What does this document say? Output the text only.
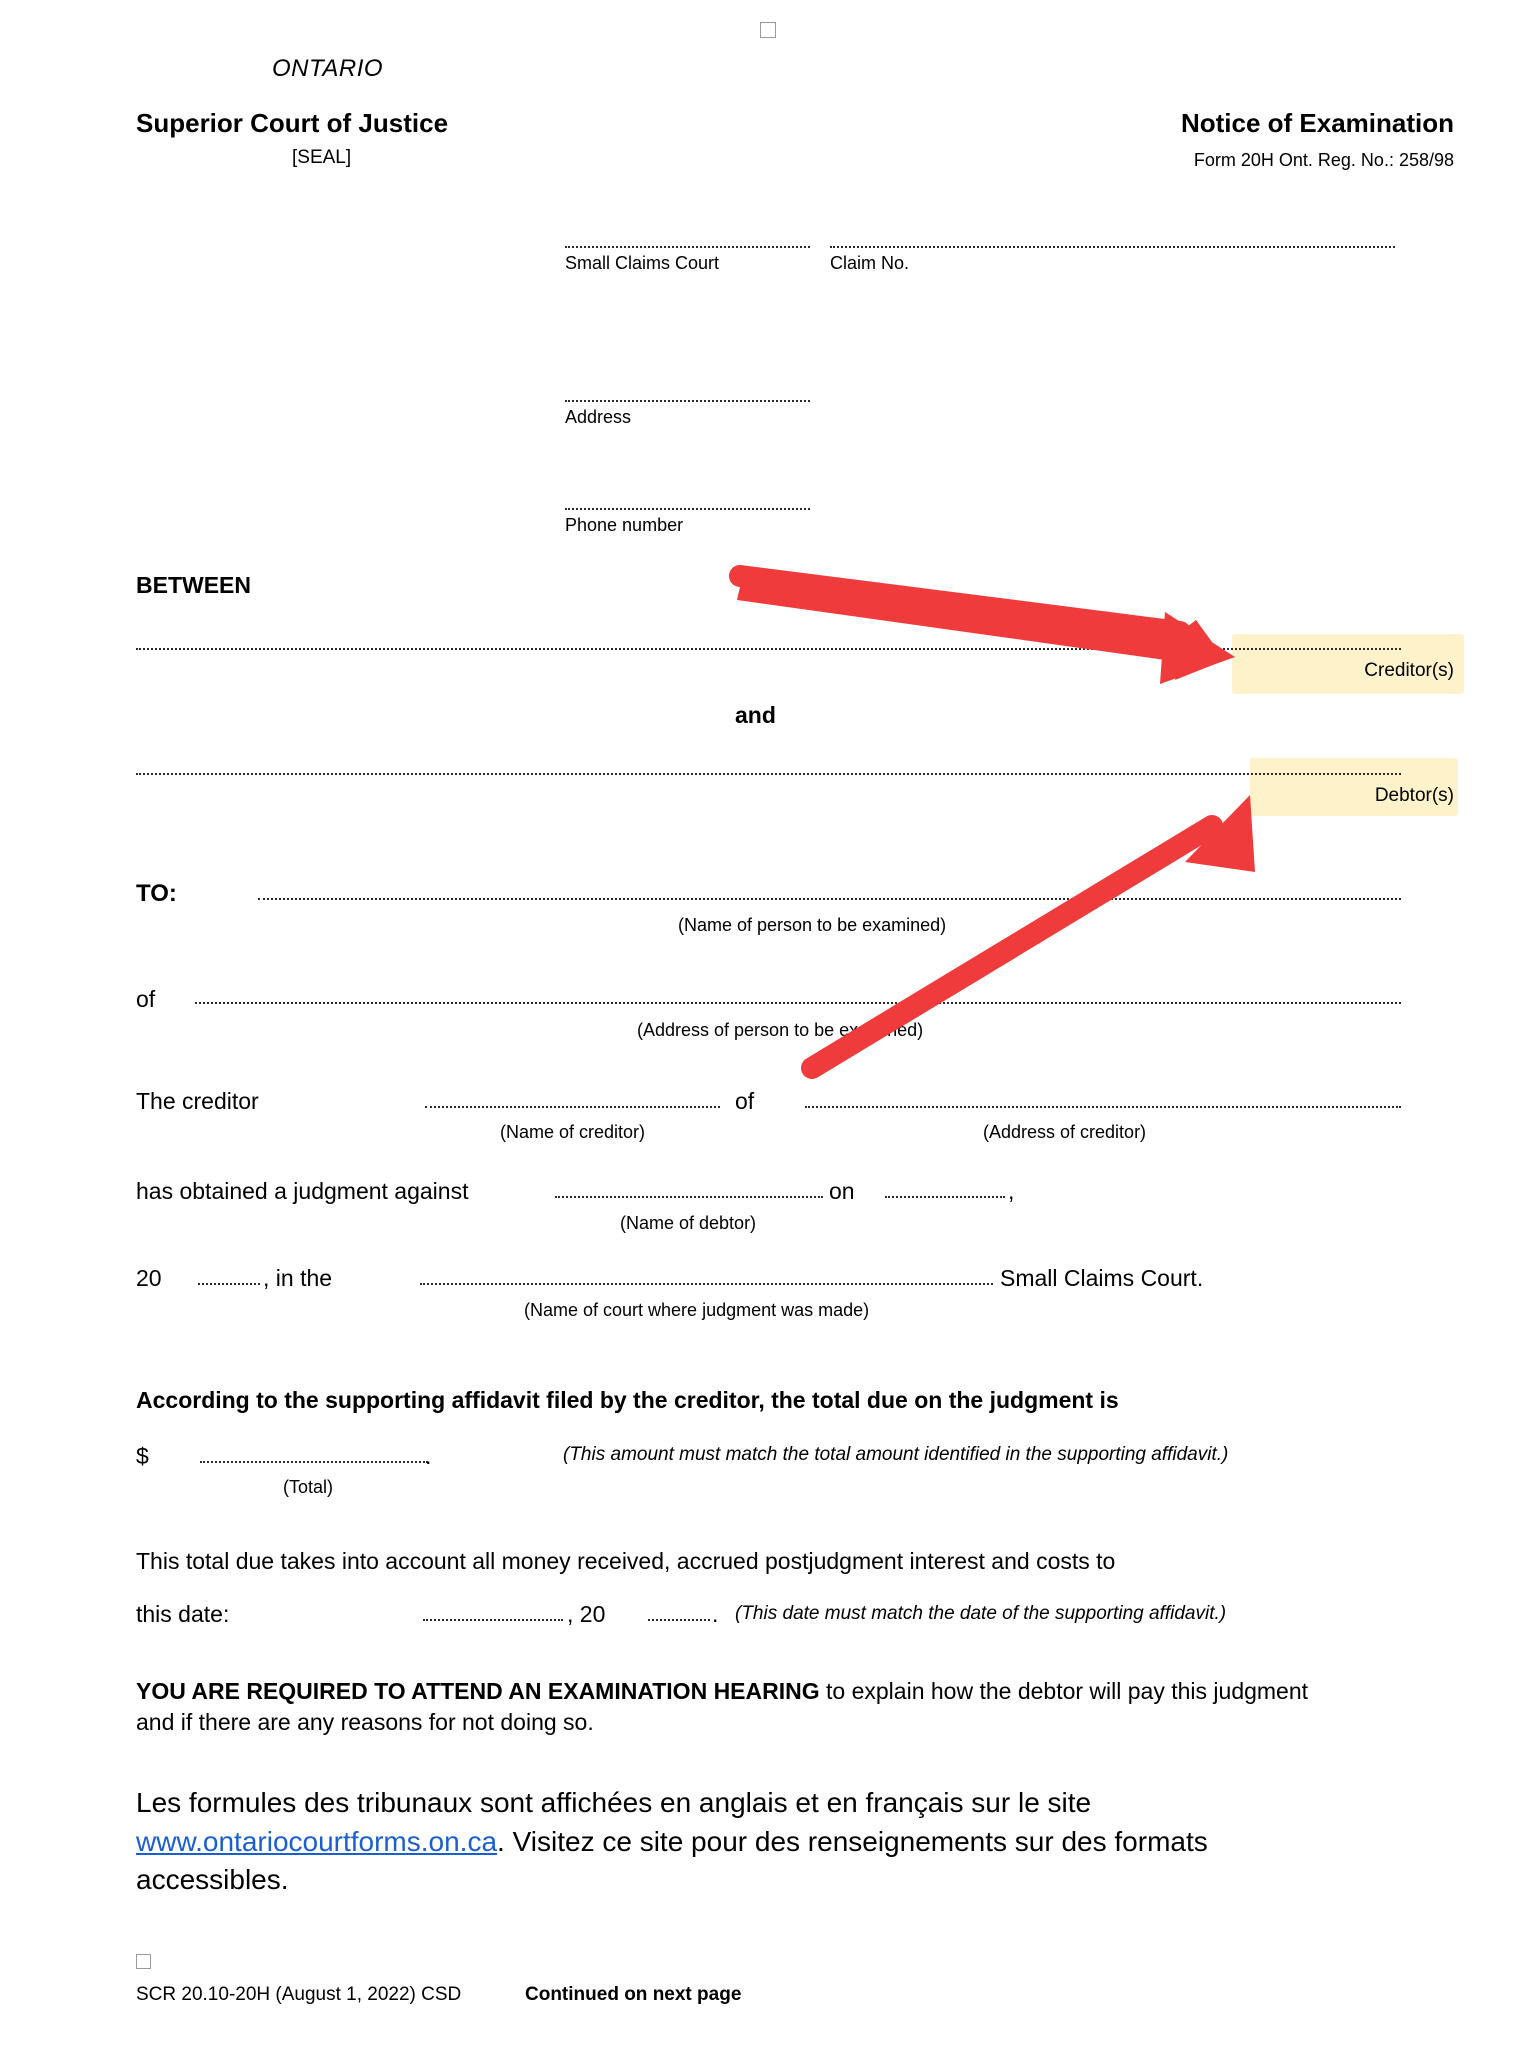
ONTARIO
Superior Court of Justice
[SEAL]
Notice of Examination
Form 20H Ont. Reg. No.: 258/98
Small Claims Court	Claim No.
Address
Phone number
BETWEEN
Creditor(s)
and
Debtor(s)
TO:
(Name of person to be examined)
of
(Address of person to be examined)
The creditor	of
(Name of creditor)	(Address of creditor)
has obtained a judgment against	on	,
(Name of debtor)
20	, in the	Small Claims Court.
(Name of court where judgment was made)
According to the supporting affidavit filed by the creditor, the total due on the judgment is
$	.
(Total)
(This amount must match the total amount identified in the supporting affidavit.)
This total due takes into account all money received, accrued postjudgment interest and costs to
this date:	, 20	. (This date must match the date of the supporting affidavit.)
YOU ARE REQUIRED TO ATTEND AN EXAMINATION HEARING to explain how the debtor will pay this judgment and if there are any reasons for not doing so.
Les formules des tribunaux sont affichées en anglais et en français sur le site www.ontariocourtforms.on.ca. Visitez ce site pour des renseignements sur des formats accessibles.
SCR 20.10-20H (August 1, 2022) CSD	Continued on next page
